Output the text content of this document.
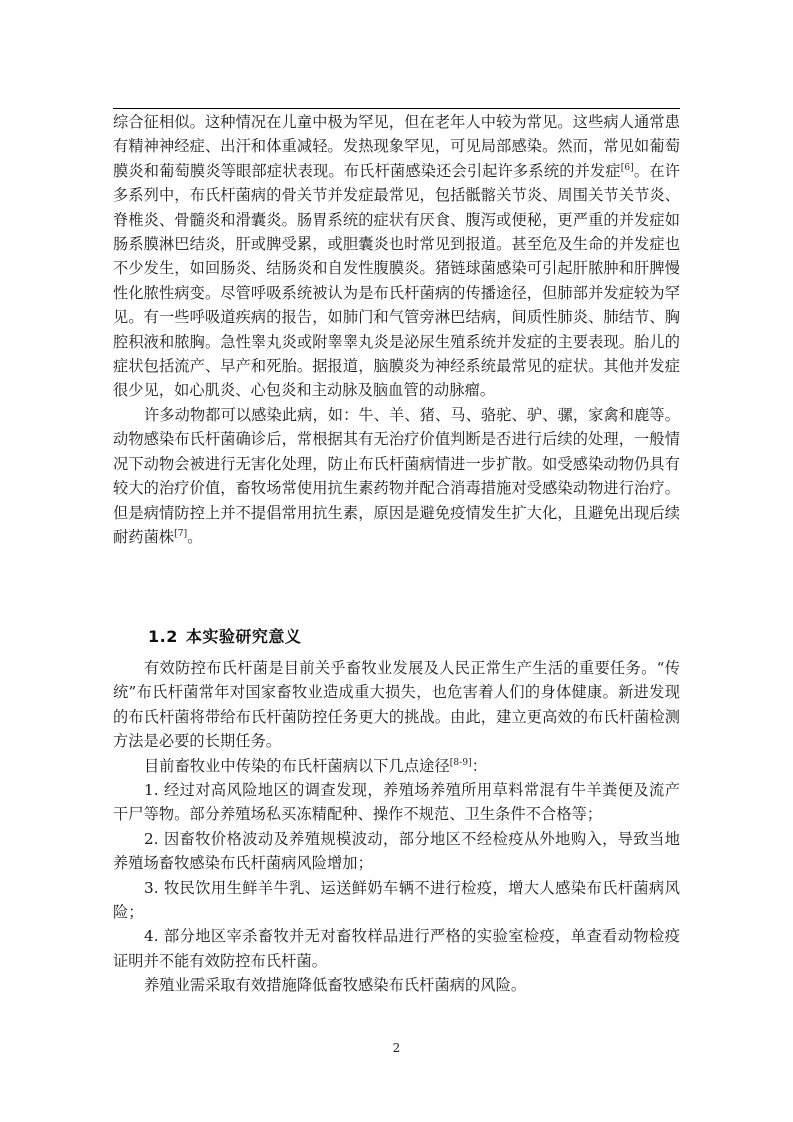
综合征相似。这种情况在儿童中极为罕见，但在老年人中较为常见。这些病人通常患有精神神经症、出汗和体重减轻。发热现象罕见，可见局部感染。然而，常见如葡萄膜炎和葡萄膜炎等眼部症状表现。布氏杆菌感染还会引起许多系统的并发症[6]。在许多系列中，布氏杆菌病的骨关节并发症最常见，包括骶髂关节炎、周围关节关节炎、脊椎炎、骨髓炎和滑囊炎。肠胃系统的症状有厌食、腹泻或便秘，更严重的并发症如肠系膜淋巴结炎，肝或脾受累，或胆囊炎也时常见到报道。甚至危及生命的并发症也不少发生，如回肠炎、结肠炎和自发性腹膜炎。猪链球菌感染可引起肝脓肿和肝脾慢性化脓性病变。尽管呼吸系统被认为是布氏杆菌病的传播途径，但肺部并发症较为罕见。有一些呼吸道疾病的报告，如肺门和气管旁淋巴结病，间质性肺炎、肺结节、胸腔积液和脓胸。急性睾丸炎或附睾睾丸炎是泌尿生殖系统并发症的主要表现。胎儿的症状包括流产、早产和死胎。据报道，脑膜炎为神经系统最常见的症状。其他并发症很少见，如心肌炎、心包炎和主动脉及脑血管的动脉瘤。

许多动物都可以感染此病，如：牛、羊、猪、马、骆驼、驴、骡，家禽和鹿等。动物感染布氏杆菌确诊后，常根据其有无治疗价值判断是否进行后续的处理，一般情况下动物会被进行无害化处理，防止布氏杆菌病情进一步扩散。如受感染动物仍具有较大的治疗价值，畜牧场常使用抗生素药物并配合消毒措施对受感染动物进行治疗。但是病情防控上并不提倡常用抗生素，原因是避免疫情发生扩大化，且避免出现后续耐药菌株[7]。

1.2 本实验研究意义

有效防控布氏杆菌是目前关乎畜牧业发展及人民正常生产生活的重要任务。“传统”布氏杆菌常年对国家畜牧业造成重大损失，也危害着人们的身体健康。新进发现的布氏杆菌将带给布氏杆菌防控任务更大的挑战。由此，建立更高效的布氏杆菌检测方法是必要的长期任务。

目前畜牧业中传染的布氏杆菌病以下几点途径[8-9]：

1. 经过对高风险地区的调查发现，养殖场养殖所用草料常混有牛羊粪便及流产干尸等物。部分养殖场私买冻精配种、操作不规范、卫生条件不合格等；

2. 因畜牧价格波动及养殖规模波动，部分地区不经检疫从外地购入，导致当地养殖场畜牧感染布氏杆菌病风险增加；

3. 牧民饮用生鲜羊牛乳、运送鲜奶车辆不进行检疫，增大人感染布氏杆菌病风险；

4. 部分地区宰杀畜牧并无对畜牧样品进行严格的实验室检疫，单查看动物检疫证明并不能有效防控布氏杆菌。

养殖业需采取有效措施降低畜牧感染布氏杆菌病的风险。

2
